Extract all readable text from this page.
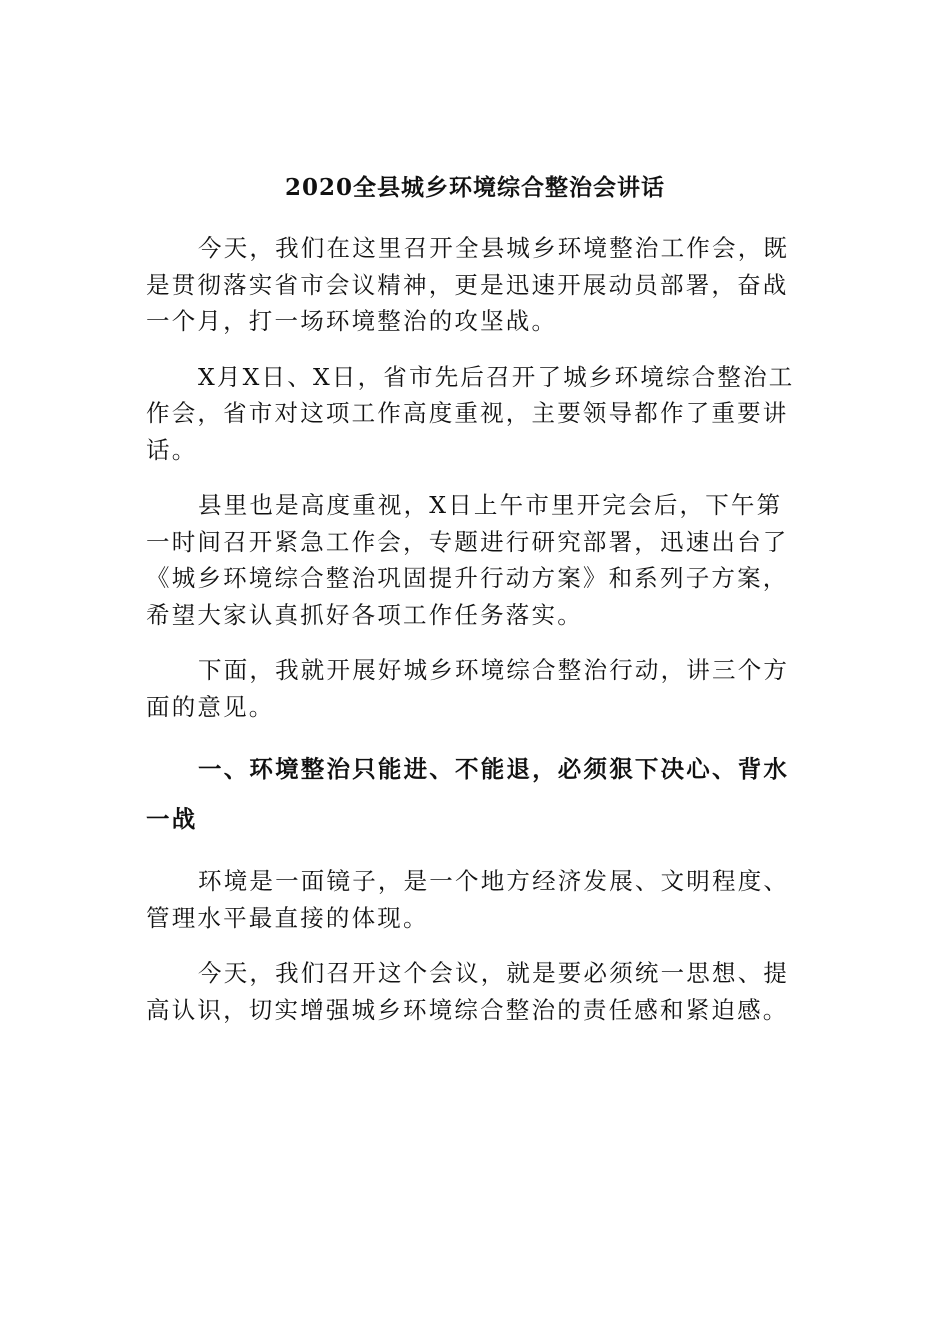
2020全县城乡环境综合整治会讲话

今天，我们在这里召开全县城乡环境整治工作会，既是贯彻落实省市会议精神，更是迅速开展动员部署，奋战一个月，打一场环境整治的攻坚战。

X月X日、X日，省市先后召开了城乡环境综合整治工作会，省市对这项工作高度重视，主要领导都作了重要讲话。

县里也是高度重视，X日上午市里开完会后，下午第一时间召开紧急工作会，专题进行研究部署，迅速出台了《城乡环境综合整治巩固提升行动方案》和系列子方案，希望大家认真抓好各项工作任务落实。

下面，我就开展好城乡环境综合整治行动，讲三个方面的意见。

一、环境整治只能进、不能退，必须狠下决心、背水一战

环境是一面镜子，是一个地方经济发展、文明程度、管理水平最直接的体现。

今天，我们召开这个会议，就是要必须统一思想、提高认识，切实增强城乡环境综合整治的责任感和紧迫感。
